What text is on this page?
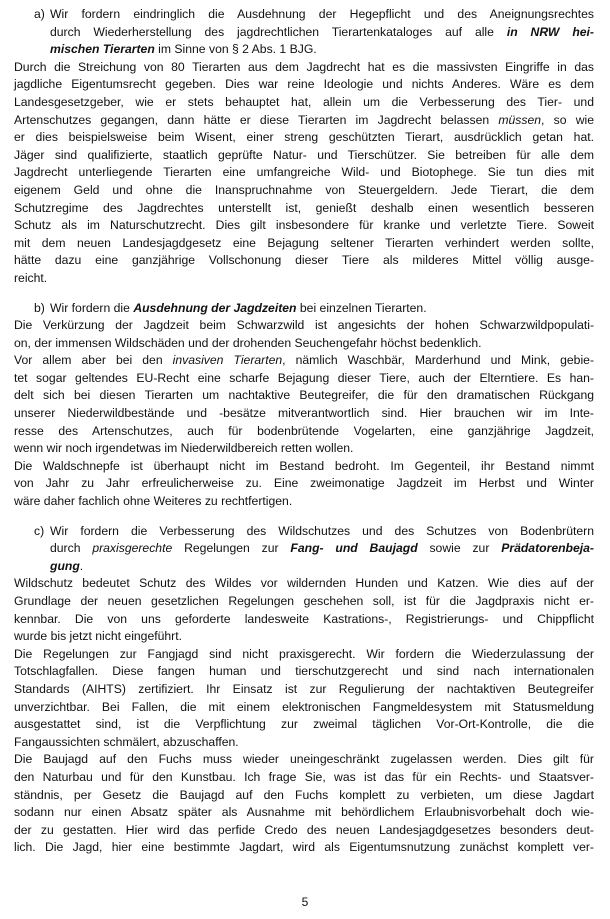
a) Wir fordern eindringlich die Ausdehnung der Hegepflicht und des Aneignungsrechtes
durch Wiederherstellung des jagdrechtlichen Tierartenkataloges auf alle in NRW hei-
mischen Tierarten im Sinne von § 2 Abs. 1 BJG.
Durch die Streichung von 80 Tierarten aus dem Jagdrecht hat es die massivsten Eingriffe in das
jagdliche Eigentumsrecht gegeben. Dies war reine Ideologie und nichts Anderes. Wäre es dem
Landesgesetzgeber, wie er stets behauptet hat, allein um die Verbesserung des Tier- und
Artenschutzes gegangen, dann hätte er diese Tierarten im Jagdrecht belassen müssen, so wie
er dies beispielsweise beim Wisent, einer streng geschützten Tierart, ausdrücklich getan hat.
Jäger sind qualifizierte, staatlich geprüfte Natur- und Tierschützer. Sie betreiben für alle dem
Jagdrecht unterliegende Tierarten eine umfangreiche Wild- und Biotophege. Sie tun dies mit
eigenem Geld und ohne die Inanspruchnahme von Steuergeldern. Jede Tierart, die dem
Schutzregime des Jagdrechtes unterstellt ist, genießt deshalb einen wesentlich besseren
Schutz als im Naturschutzrecht. Dies gilt insbesondere für kranke und verletzte Tiere. Soweit
mit dem neuen Landesjagdgesetz eine Bejagung seltener Tierarten verhindert werden sollte,
hätte dazu eine ganzjährige Vollschonung dieser Tiere als milderes Mittel völlig ausge-
reicht.
b) Wir fordern die Ausdehnung der Jagdzeiten bei einzelnen Tierarten.
Die Verkürzung der Jagdzeit beim Schwarzwild ist angesichts der hohen Schwarzwildpopulati-
on, der immensen Wildschäden und der drohenden Seuchengefahr höchst bedenklich.
Vor allem aber bei den invasiven Tierarten, nämlich Waschbär, Marderhund und Mink, gebie-
tet sogar geltendes EU-Recht eine scharfe Bejagung dieser Tiere, auch der Elterntiere. Es han-
delt sich bei diesen Tierarten um nachtaktive Beutegreifer, die für den dramatischen Rückgang
unserer Niederwildbestände und -besätze mitverantwortlich sind. Hier brauchen wir im Inte-
resse des Artenschutzes, auch für bodenbrütende Vogelarten, eine ganzjährige Jagdzeit,
wenn wir noch irgendetwas im Niederwildbereich retten wollen.
Die Waldschnepfe ist überhaupt nicht im Bestand bedroht. Im Gegenteil, ihr Bestand nimmt
von Jahr zu Jahr erfreulicherweise zu. Eine zweimonatige Jagdzeit im Herbst und Winter
wäre daher fachlich ohne Weiteres zu rechtfertigen.
c) Wir fordern die Verbesserung des Wildschutzes und des Schutzes von Bodenbrütern
durch praxisgerechte Regelungen zur Fang- und Baujagd sowie zur Prädatorenbeja-
gung.
Wildschutz bedeutet Schutz des Wildes vor wildernden Hunden und Katzen. Wie dies auf der
Grundlage der neuen gesetzlichen Regelungen geschehen soll, ist für die Jagdpraxis nicht er-
kennbar. Die von uns geforderte landesweite Kastrations-, Registrierungs- und Chippflicht
wurde bis jetzt nicht eingeführt.
Die Regelungen zur Fangjagd sind nicht praxisgerecht. Wir fordern die Wiederzulassung der
Totschlagfallen. Diese fangen human und tierschutzgerecht und sind nach internationalen
Standards (AIHTS) zertifiziert. Ihr Einsatz ist zur Regulierung der nachtaktiven Beutegreifer
unverzichtbar. Bei Fallen, die mit einem elektronischen Fangmeldesystem mit Statusmeldung
ausgestattet sind, ist die Verpflichtung zur zweimal täglichen Vor-Ort-Kontrolle, die die
Fangaussichten schmälert, abzuschaffen.
Die Baujagd auf den Fuchs muss wieder uneingeschränkt zugelassen werden. Dies gilt für
den Naturbau und für den Kunstbau. Ich frage Sie, was ist das für ein Rechts- und Staatsver-
ständnis, per Gesetz die Baujagd auf den Fuchs komplett zu verbieten, um diese Jagdart
sodann nur einen Absatz später als Ausnahme mit behördlichem Erlaubnisvorbehalt doch wie-
der zu gestatten. Hier wird das perfide Credo des neuen Landesjagdgesetzes besonders deut-
lich. Die Jagd, hier eine bestimmte Jagdart, wird als Eigentumsnutzung zunächst komplett ver-
5
